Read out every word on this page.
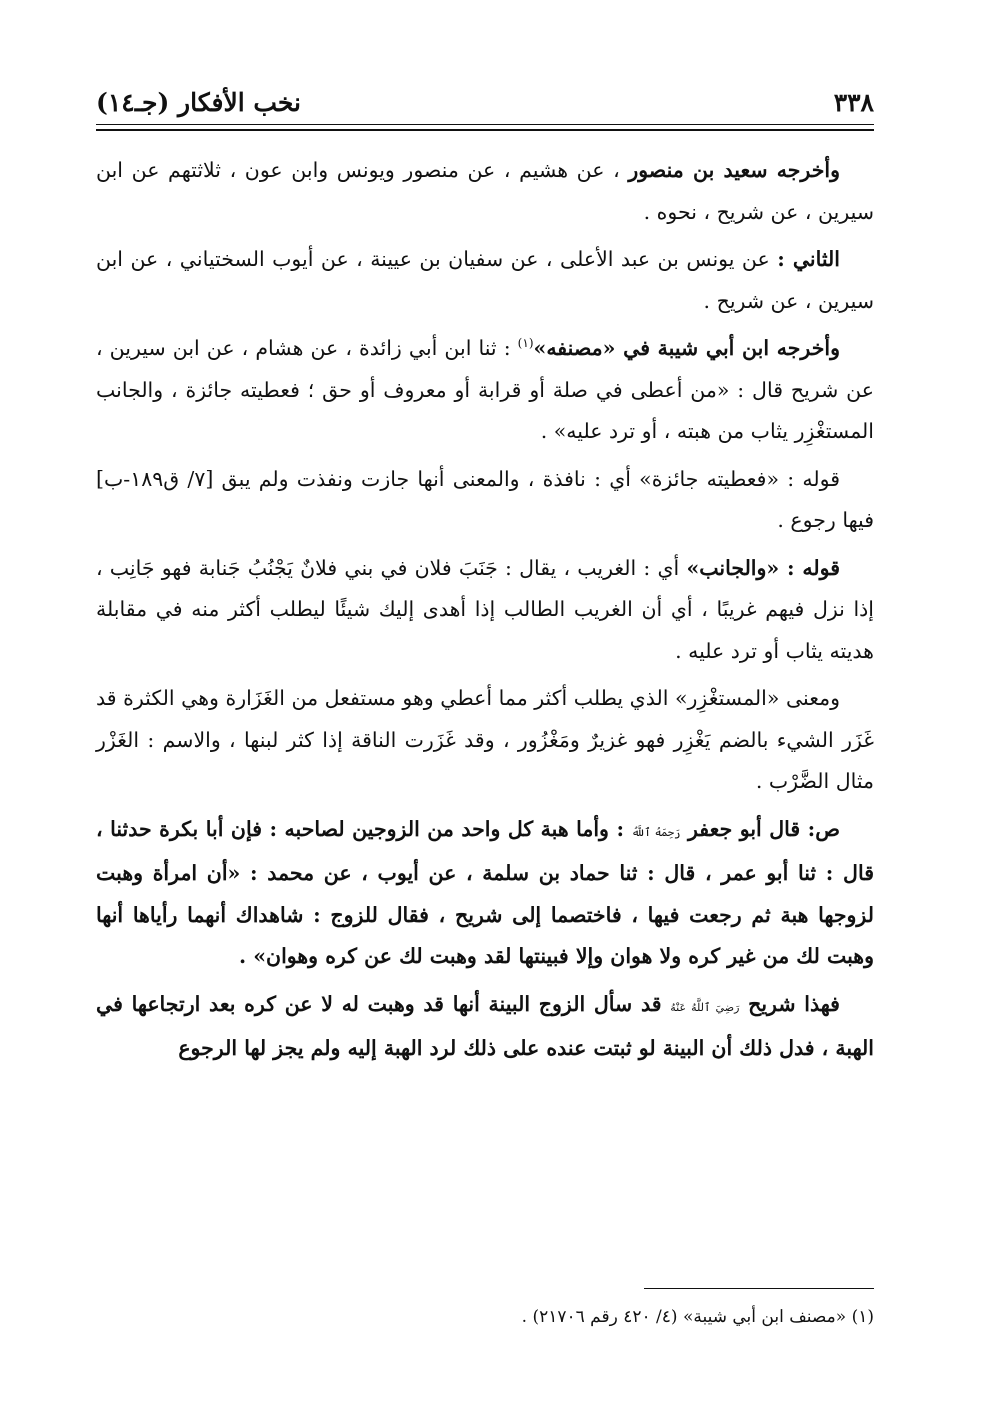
٣٣٨
نخب الأفكار (جـ١٤)

وأخرجه سعيد بن منصور ، عن هشيم ، عن منصور ويونس وابن عون ، ثلاثتهم عن ابن سيرين ، عن شريح ، نحوه .

الثاني : عن يونس بن عبد الأعلى ، عن سفيان بن عيينة ، عن أيوب السختياني ، عن ابن سيرين ، عن شريح .

وأخرجه ابن أبي شيبة في «مصنفه»$^{(١)}$ : ثنا ابن أبي زائدة ، عن هشام ، عن ابن سيرين ، عن شريح قال : «من أعطى في صلة أو قرابة أو معروف أو حق ؛ فعطيته جائزة ، والجانب المستغْزِر يثاب من هبته ، أو ترد عليه» .

قوله : «فعطيته جائزة» أي : نافذة ، والمعنى أنها جازت ونفذت ولم يبق [٧/ ق١٨٩-ب] فيها رجوع .

قوله : «والجانب» أي : الغريب ، يقال : جَنَبَ فلان في بني فلانٌ يَجْنُبُ جَنابة فهو جَانِب ، إذا نزل فيهم غريبًا ، أي أن الغريب الطالب إذا أهدى إليك شيئًا ليطلب أكثر منه في مقابلة هديته يثاب أو ترد عليه .

ومعنى «المستغْزِر» الذي يطلب أكثر مما أعطي وهو مستفعل من الغَزَارة وهي الكثرة قد غَزَر الشيء بالضم يَغْزِر فهو غزيرٌ ومَغْزُور ، وقد غَزَرت الناقة إذا كثر لبنها ، والاسم : الغَزْر مثال الضَّرْب .

ص: قال أبو جعفر رَحِمَهُ ٱللَّهُ : وأما هبة كل واحد من الزوجين لصاحبه : فإن أبا بكرة حدثنا ، قال : ثنا أبو عمر ، قال : ثنا حماد بن سلمة ، عن أيوب ، عن محمد : «أن امرأة وهبت لزوجها هبة ثم رجعت فيها ، فاختصما إلى شريح ، فقال للزوج : شاهداك أنهما رأياها أنها وهبت لك من غير كره ولا هوان وإلا فبينتها لقد وهبت لك عن كره وهوان» .

فهذا شريح رَضِيَ ٱللَّهُ عَنْهُ قد سأل الزوج البينة أنها قد وهبت له لا عن كره بعد ارتجاعها في الهبة ، فدل ذلك أن البينة لو ثبتت عنده على ذلك لرد الهبة إليه ولم يجز لها الرجوع

(١) «مصنف ابن أبي شيبة» (٤/ ٤٢٠ رقم ٢١٧٠٦) .
